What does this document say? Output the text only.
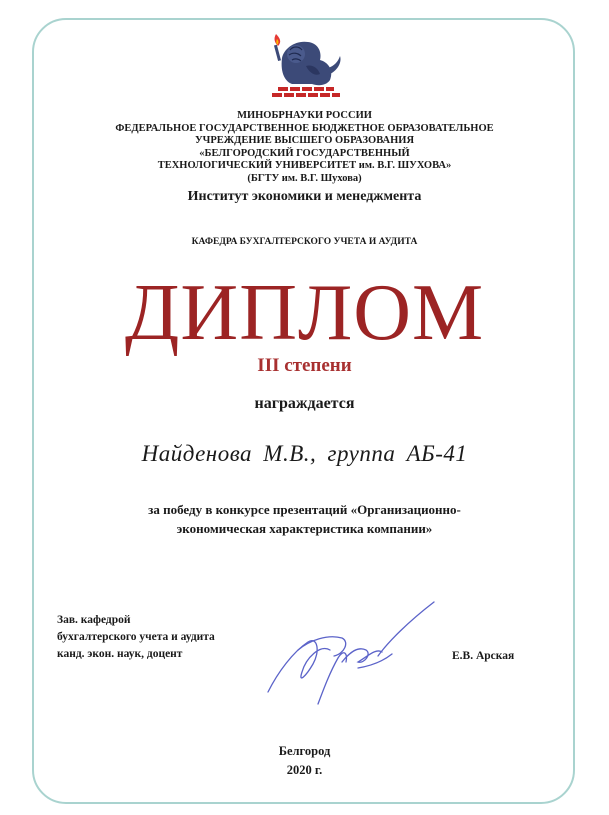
МИНОБРНАУКИ РОССИИ
ФЕДЕРАЛЬНОЕ ГОСУДАРСТВЕННОЕ БЮДЖЕТНОЕ ОБРАЗОВАТЕЛЬНОЕ
УЧРЕЖДЕНИЕ ВЫСШЕГО ОБРАЗОВАНИЯ
«БЕЛГОРОДСКИЙ ГОСУДАРСТВЕННЫЙ
ТЕХНОЛОГИЧЕСКИЙ УНИВЕРСИТЕТ им. В.Г. ШУХОВА»
(БГТУ им. В.Г. Шухова)
Институт экономики и менеджмента
КАФЕДРА БУХГАЛТЕРСКОГО УЧЕТА И АУДИТА
ДИПЛОМ
III степени
награждается
Найденова М.В., группа АБ-41
за победу в конкурсе презентаций «Организационно-
экономическая характеристика компании»
Зав. кафедрой
бухгалтерского учета и аудита
канд. экон. наук, доцент	Е.В. Арская
Белгород
2020 г.
